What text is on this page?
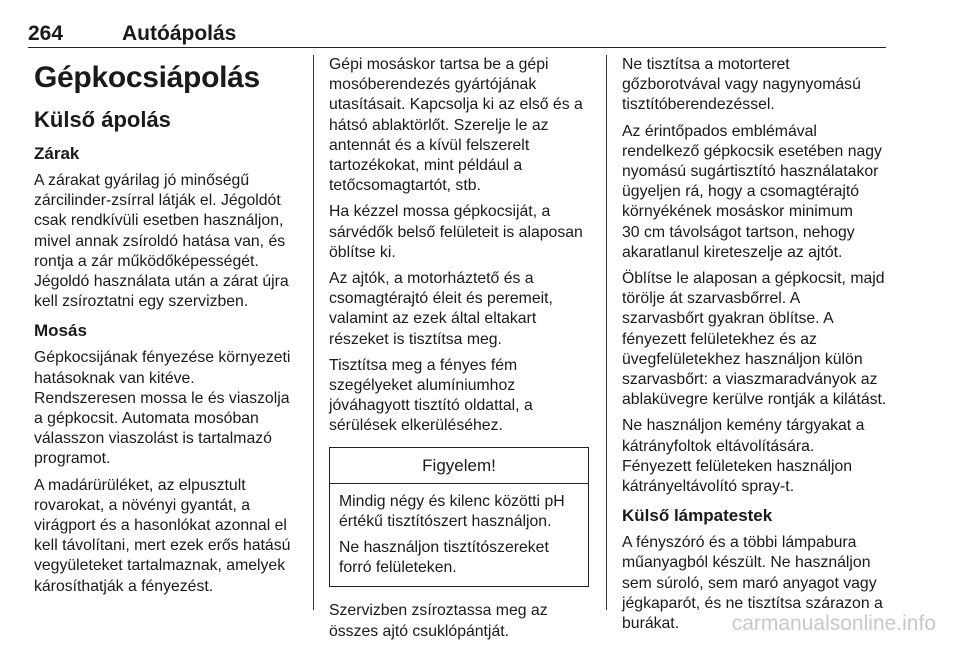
264	Autóápolás
Gépkocsiápolás
Külső ápolás
Zárak

A zárakat gyárilag jó minőségű
zárcilinder-zsírral látják el. Jégoldót
csak rendkívüli esetben használjon,
mivel annak zsíroldó hatása van, és
rontja a zár működőképességét.
Jégoldó használata után a zárat újra
kell zsíroztatni egy szervizben.

Mosás

Gépkocsijának fényezése környezeti
hatásoknak van kitéve.
Rendszeresen mossa le és viaszolja
a gépkocsit. Automata mosóban
válasszon viaszolást is tartalmazó
programot.

A madárürüléket, az elpusztult
rovarokat, a növényi gyantát, a
virágport és a hasonlókat azonnal el
kell távolítani, mert ezek erős hatású
vegyületeket tartalmaznak, amelyek
károsíthatják a fényezést.

Gépi mosáskor tartsa be a gépi
mosóberendezés gyártójának
utasításait. Kapcsolja ki az első és a
hátsó ablaktörlőt. Szerelje le az
antennát és a kívül felszerelt
tartozékokat, mint például a
tetőcsomagtartót, stb.

Ha kézzel mossa gépkocsiját, a
sárvédők belső felületeit is alaposan
öblítse ki.

Az ajtók, a motorháztető és a
csomagtérajtó éleit és peremeit,
valamint az ezek által eltakart
részeket is tisztítsa meg.

Tisztítsa meg a fényes fém
szegélyeket alumíniumhoz
jóváhagyott tisztító oldattal, a
sérülések elkerüléséhez.

Figyelem!

Mindig négy és kilenc közötti pH
értékű tisztítószert használjon.

Ne használjon tisztítószereket
forró felületeken.

Szervizben zsíroztassa meg az
összes ajtó csuklópántját.

Ne tisztítsa a motorteret
gőzborotvával vagy nagynyomású
tisztítóberendezéssel.

Az érintőpados emblémával
rendelkező gépkocsik esetében nagy
nyomású sugártisztító használatakor
ügyeljen rá, hogy a csomagtérajtó
környékének mosáskor minimum
30 cm távolságot tartson, nehogy
akaratlanul kireteszelje az ajtót.

Öblítse le alaposan a gépkocsit, majd
törölje át szarvasbőrrel. A
szarvasbőrt gyakran öblítse. A
fényezett felületekhez és az
üvegfelületekhez használjon külön
szarvasbőrt: a viaszmaradványok az
ablaküvegre kerülve rontják a kilátást.

Ne használjon kemény tárgyakat a
kátrányfoltok eltávolítására.
Fényezett felületeken használjon
kátrányeltávolító spray-t.

Külső lámpatestek

A fényszóró és a többi lámpabura
műanyagból készült. Ne használjon
sem súroló, sem maró anyagot vagy
jégkaparót, és ne tisztítsa szárazon a
burákat.	carmanualsonline.info
